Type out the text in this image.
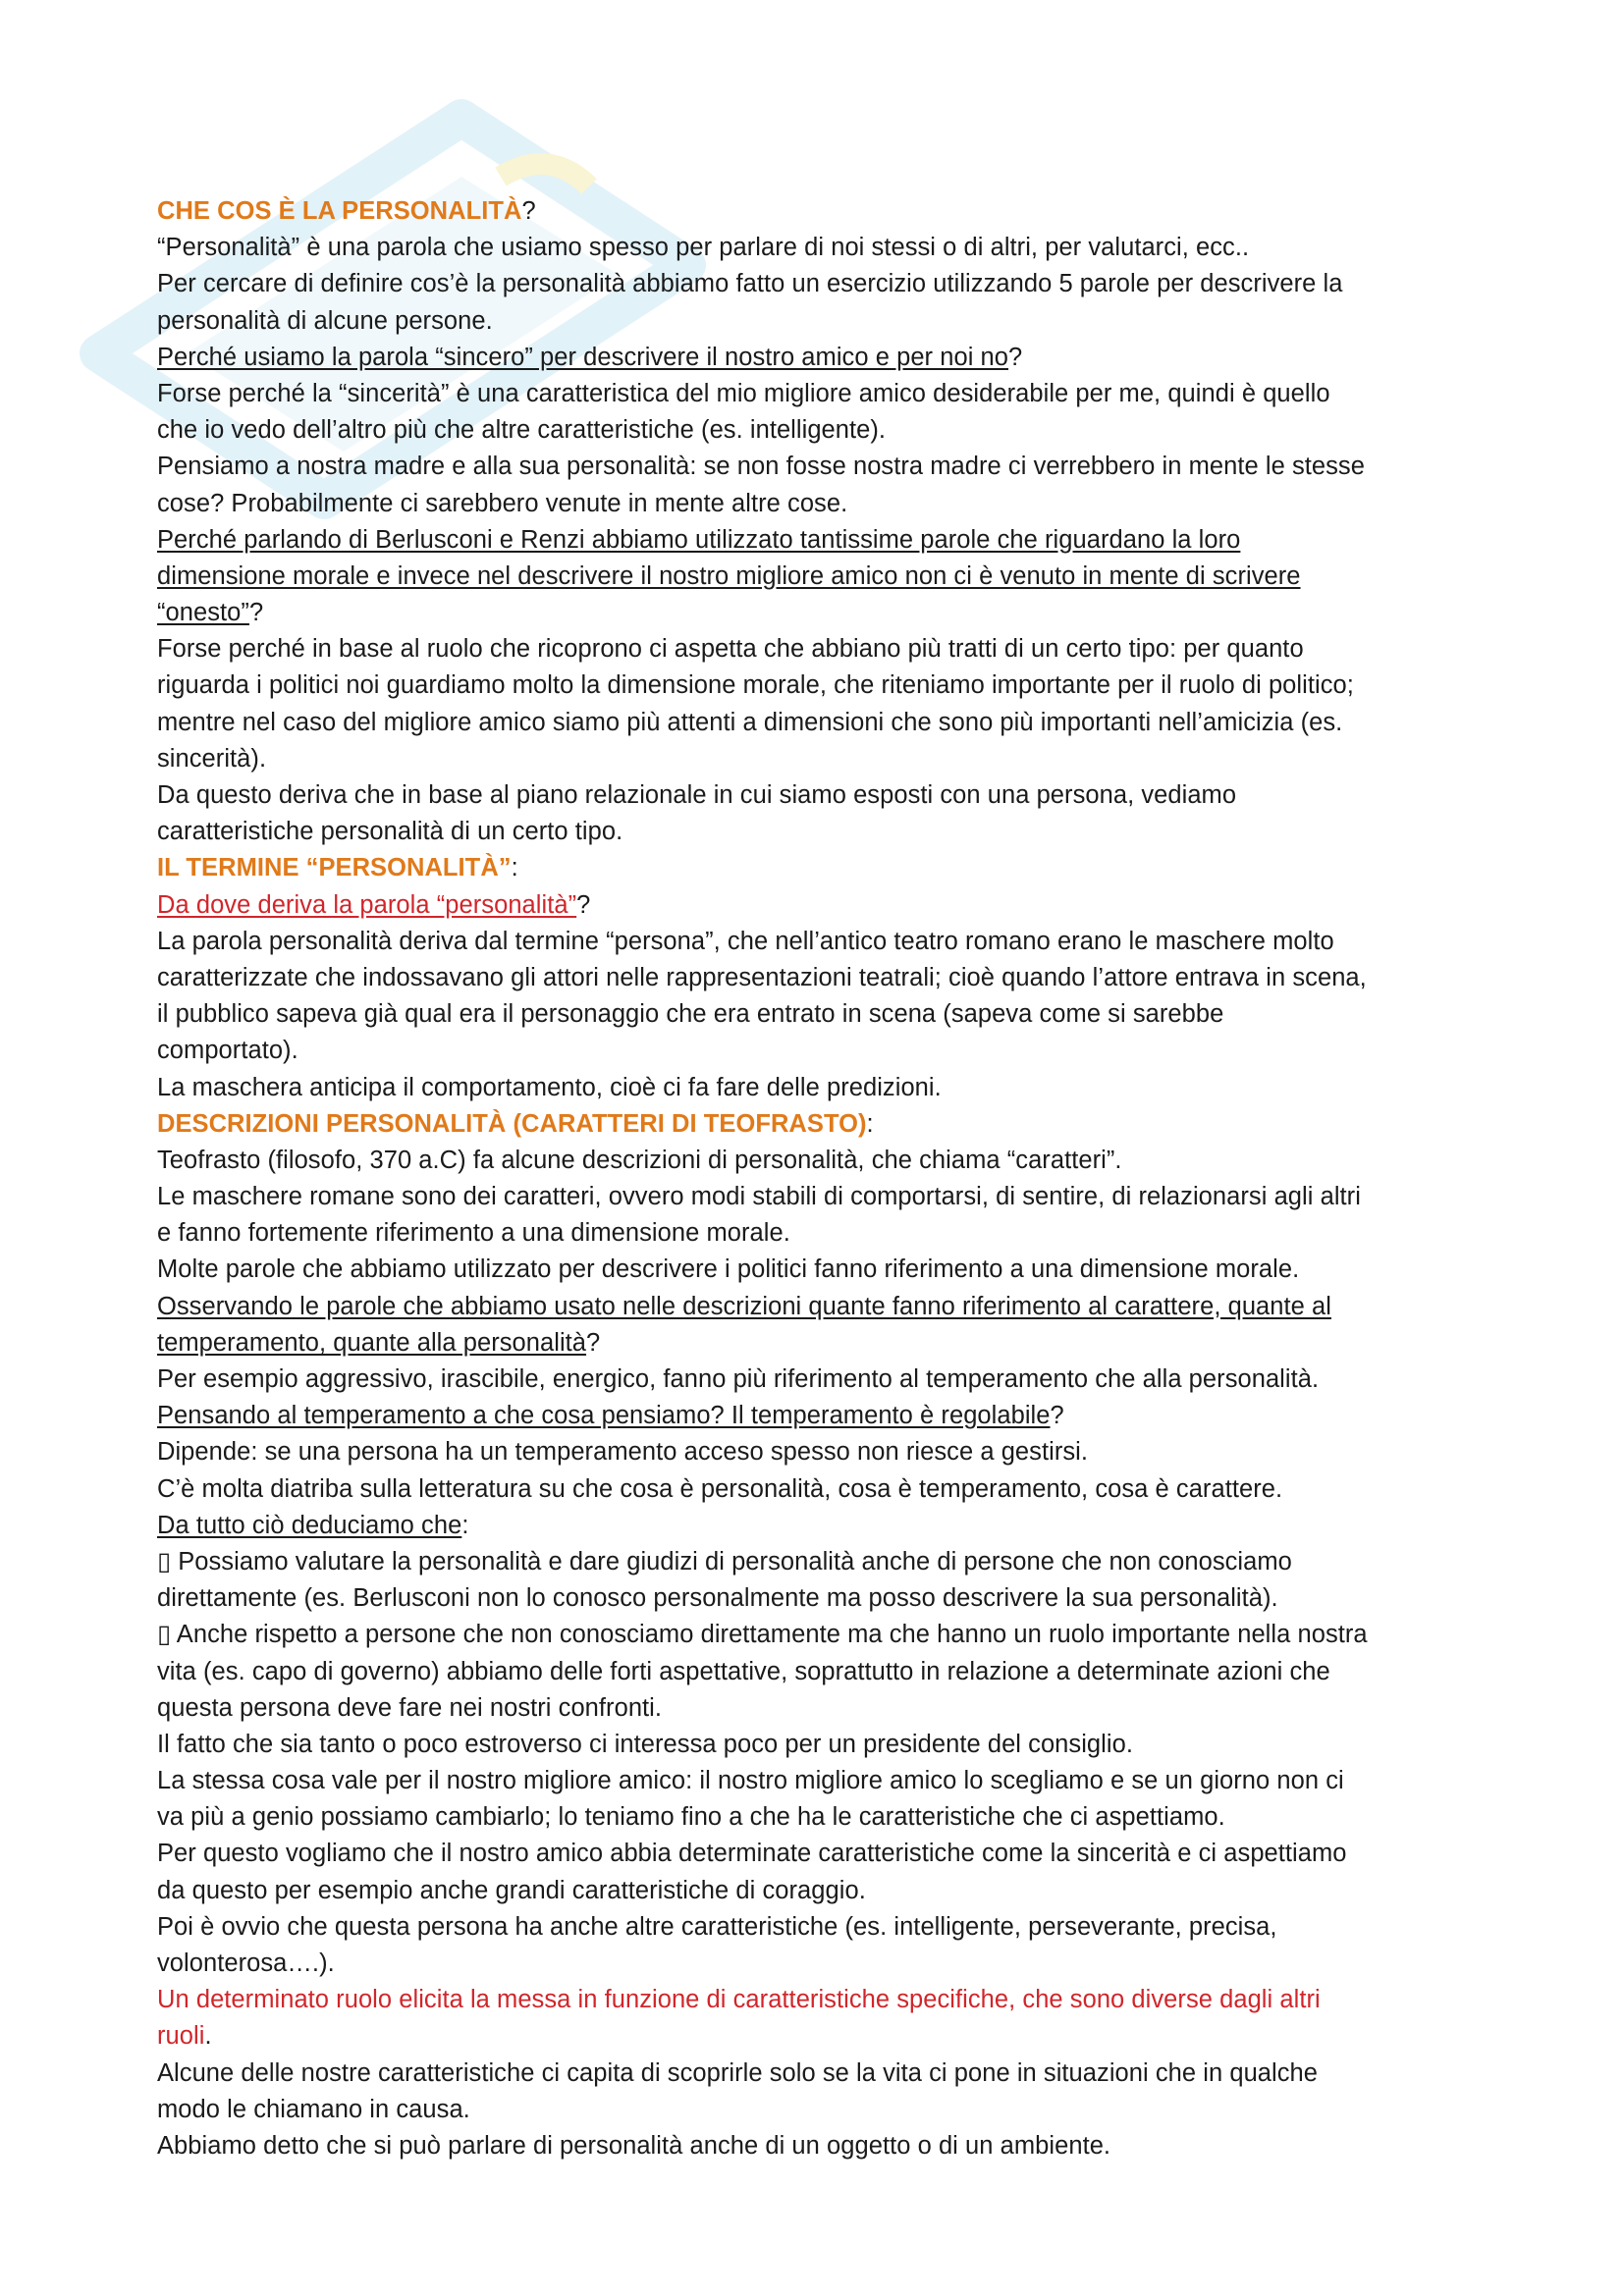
CHE COS È LA PERSONALITÀ?
“Personalità” è una parola che usiamo spesso per parlare di noi stessi o di altri, per valutarci, ecc..
Per cercare di definire cos’è la personalità abbiamo fatto un esercizio utilizzando 5 parole per descrivere la
personalità di alcune persone.
Perché usiamo la parola “sincero” per descrivere il nostro amico e per noi no?
Forse perché la “sincerità” è una caratteristica del mio migliore amico desiderabile per me, quindi è quello
che io vedo dell’altro più che altre caratteristiche (es. intelligente).
Pensiamo a nostra madre e alla sua personalità: se non fosse nostra madre ci verrebbero in mente le stesse
cose? Probabilmente ci sarebbero venute in mente altre cose.
Perché parlando di Berlusconi e Renzi abbiamo utilizzato tantissime parole che riguardano la loro
dimensione morale e invece nel descrivere il nostro migliore amico non ci è venuto in mente di scrivere
“onesto”?
Forse perché in base al ruolo che ricoprono ci aspetta che abbiano più tratti di un certo tipo: per quanto
riguarda i politici noi guardiamo molto la dimensione morale, che riteniamo importante per il ruolo di politico;
mentre nel caso del migliore amico siamo più attenti a dimensioni che sono più importanti nell’amicizia (es.
sincerità).
Da questo deriva che in base al piano relazionale in cui siamo esposti con una persona, vediamo
caratteristiche personalità di un certo tipo.
IL TERMINE “PERSONALITÀ”:
Da dove deriva la parola “personalità”?
La parola personalità deriva dal termine “persona”, che nell’antico teatro romano erano le maschere molto
caratterizzate che indossavano gli attori nelle rappresentazioni teatrali; cioè quando l’attore entrava in scena,
il pubblico sapeva già qual era il personaggio che era entrato in scena (sapeva come si sarebbe
comportato).
La maschera anticipa il comportamento, cioè ci fa fare delle predizioni.
DESCRIZIONI PERSONALITÀ (CARATTERI DI TEOFRASTO):
Teofrasto (filosofo, 370 a.C) fa alcune descrizioni di personalità, che chiama “caratteri”.
Le maschere romane sono dei caratteri, ovvero modi stabili di comportarsi, di sentire, di relazionarsi agli altri
e fanno fortemente riferimento a una dimensione morale.
Molte parole che abbiamo utilizzato per descrivere i politici fanno riferimento a una dimensione morale.
Osservando le parole che abbiamo usato nelle descrizioni quante fanno riferimento al carattere, quante al
temperamento, quante alla personalità?
Per esempio aggressivo, irascibile, energico, fanno più riferimento al temperamento che alla personalità.
Pensando al temperamento a che cosa pensiamo? Il temperamento è regolabile?
Dipende: se una persona ha un temperamento acceso spesso non riesce a gestirsi.
C’è molta diatriba sulla letteratura su che cosa è personalità, cosa è temperamento, cosa è carattere.
Da tutto ciò deduciamo che:
▯ Possiamo valutare la personalità e dare giudizi di personalità anche di persone che non conosciamo
direttamente (es. Berlusconi non lo conosco personalmente ma posso descrivere la sua personalità).
▯ Anche rispetto a persone che non conosciamo direttamente ma che hanno un ruolo importante nella nostra
vita (es. capo di governo) abbiamo delle forti aspettative, soprattutto in relazione a determinate azioni che
questa persona deve fare nei nostri confronti.
Il fatto che sia tanto o poco estroverso ci interessa poco per un presidente del consiglio.
La stessa cosa vale per il nostro migliore amico: il nostro migliore amico lo scegliamo e se un giorno non ci
va più a genio possiamo cambiarlo; lo teniamo fino a che ha le caratteristiche che ci aspettiamo.
Per questo vogliamo che il nostro amico abbia determinate caratteristiche come la sincerità e ci aspettiamo
da questo per esempio anche grandi caratteristiche di coraggio.
Poi è ovvio che questa persona ha anche altre caratteristiche (es. intelligente, perseverante, precisa,
volonterosa….).
Un determinato ruolo elicita la messa in funzione di caratteristiche specifiche, che sono diverse dagli altri
ruoli.
Alcune delle nostre caratteristiche ci capita di scoprirle solo se la vita ci pone in situazioni che in qualche
modo le chiamano in causa.
Abbiamo detto che si può parlare di personalità anche di un oggetto o di un ambiente.
